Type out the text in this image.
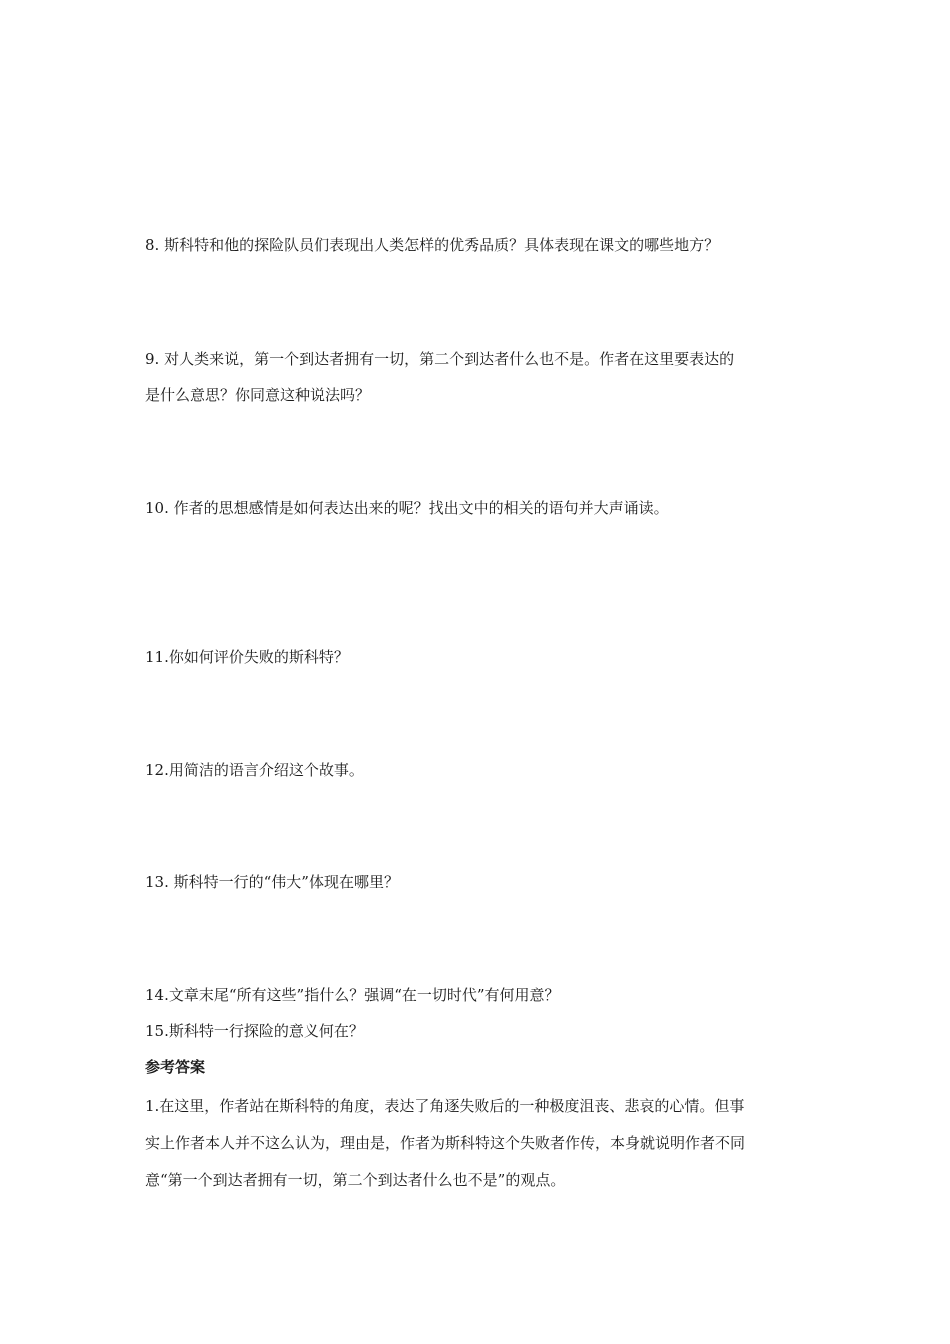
8. 斯科特和他的探险队员们表现出人类怎样的优秀品质？具体表现在课文的哪些地方？
9. 对人类来说，第一个到达者拥有一切，第二个到达者什么也不是。作者在这里要表达的
是什么意思？你同意这种说法吗？
10. 作者的思想感情是如何表达出来的呢？找出文中的相关的语句并大声诵读。
11.你如何评价失败的斯科特？
12.用简洁的语言介绍这个故事。
13. 斯科特一行的“伟大”体现在哪里？
14.文章末尾“所有这些”指什么？强调“在一切时代”有何用意？
15.斯科特一行探险的意义何在？
参考答案
1.在这里，作者站在斯科特的角度，表达了角逐失败后的一种极度沮丧、悲哀的心情。但事
实上作者本人并不这么认为，理由是，作者为斯科特这个失败者作传，本身就说明作者不同
意“第一个到达者拥有一切，第二个到达者什么也不是”的观点。
